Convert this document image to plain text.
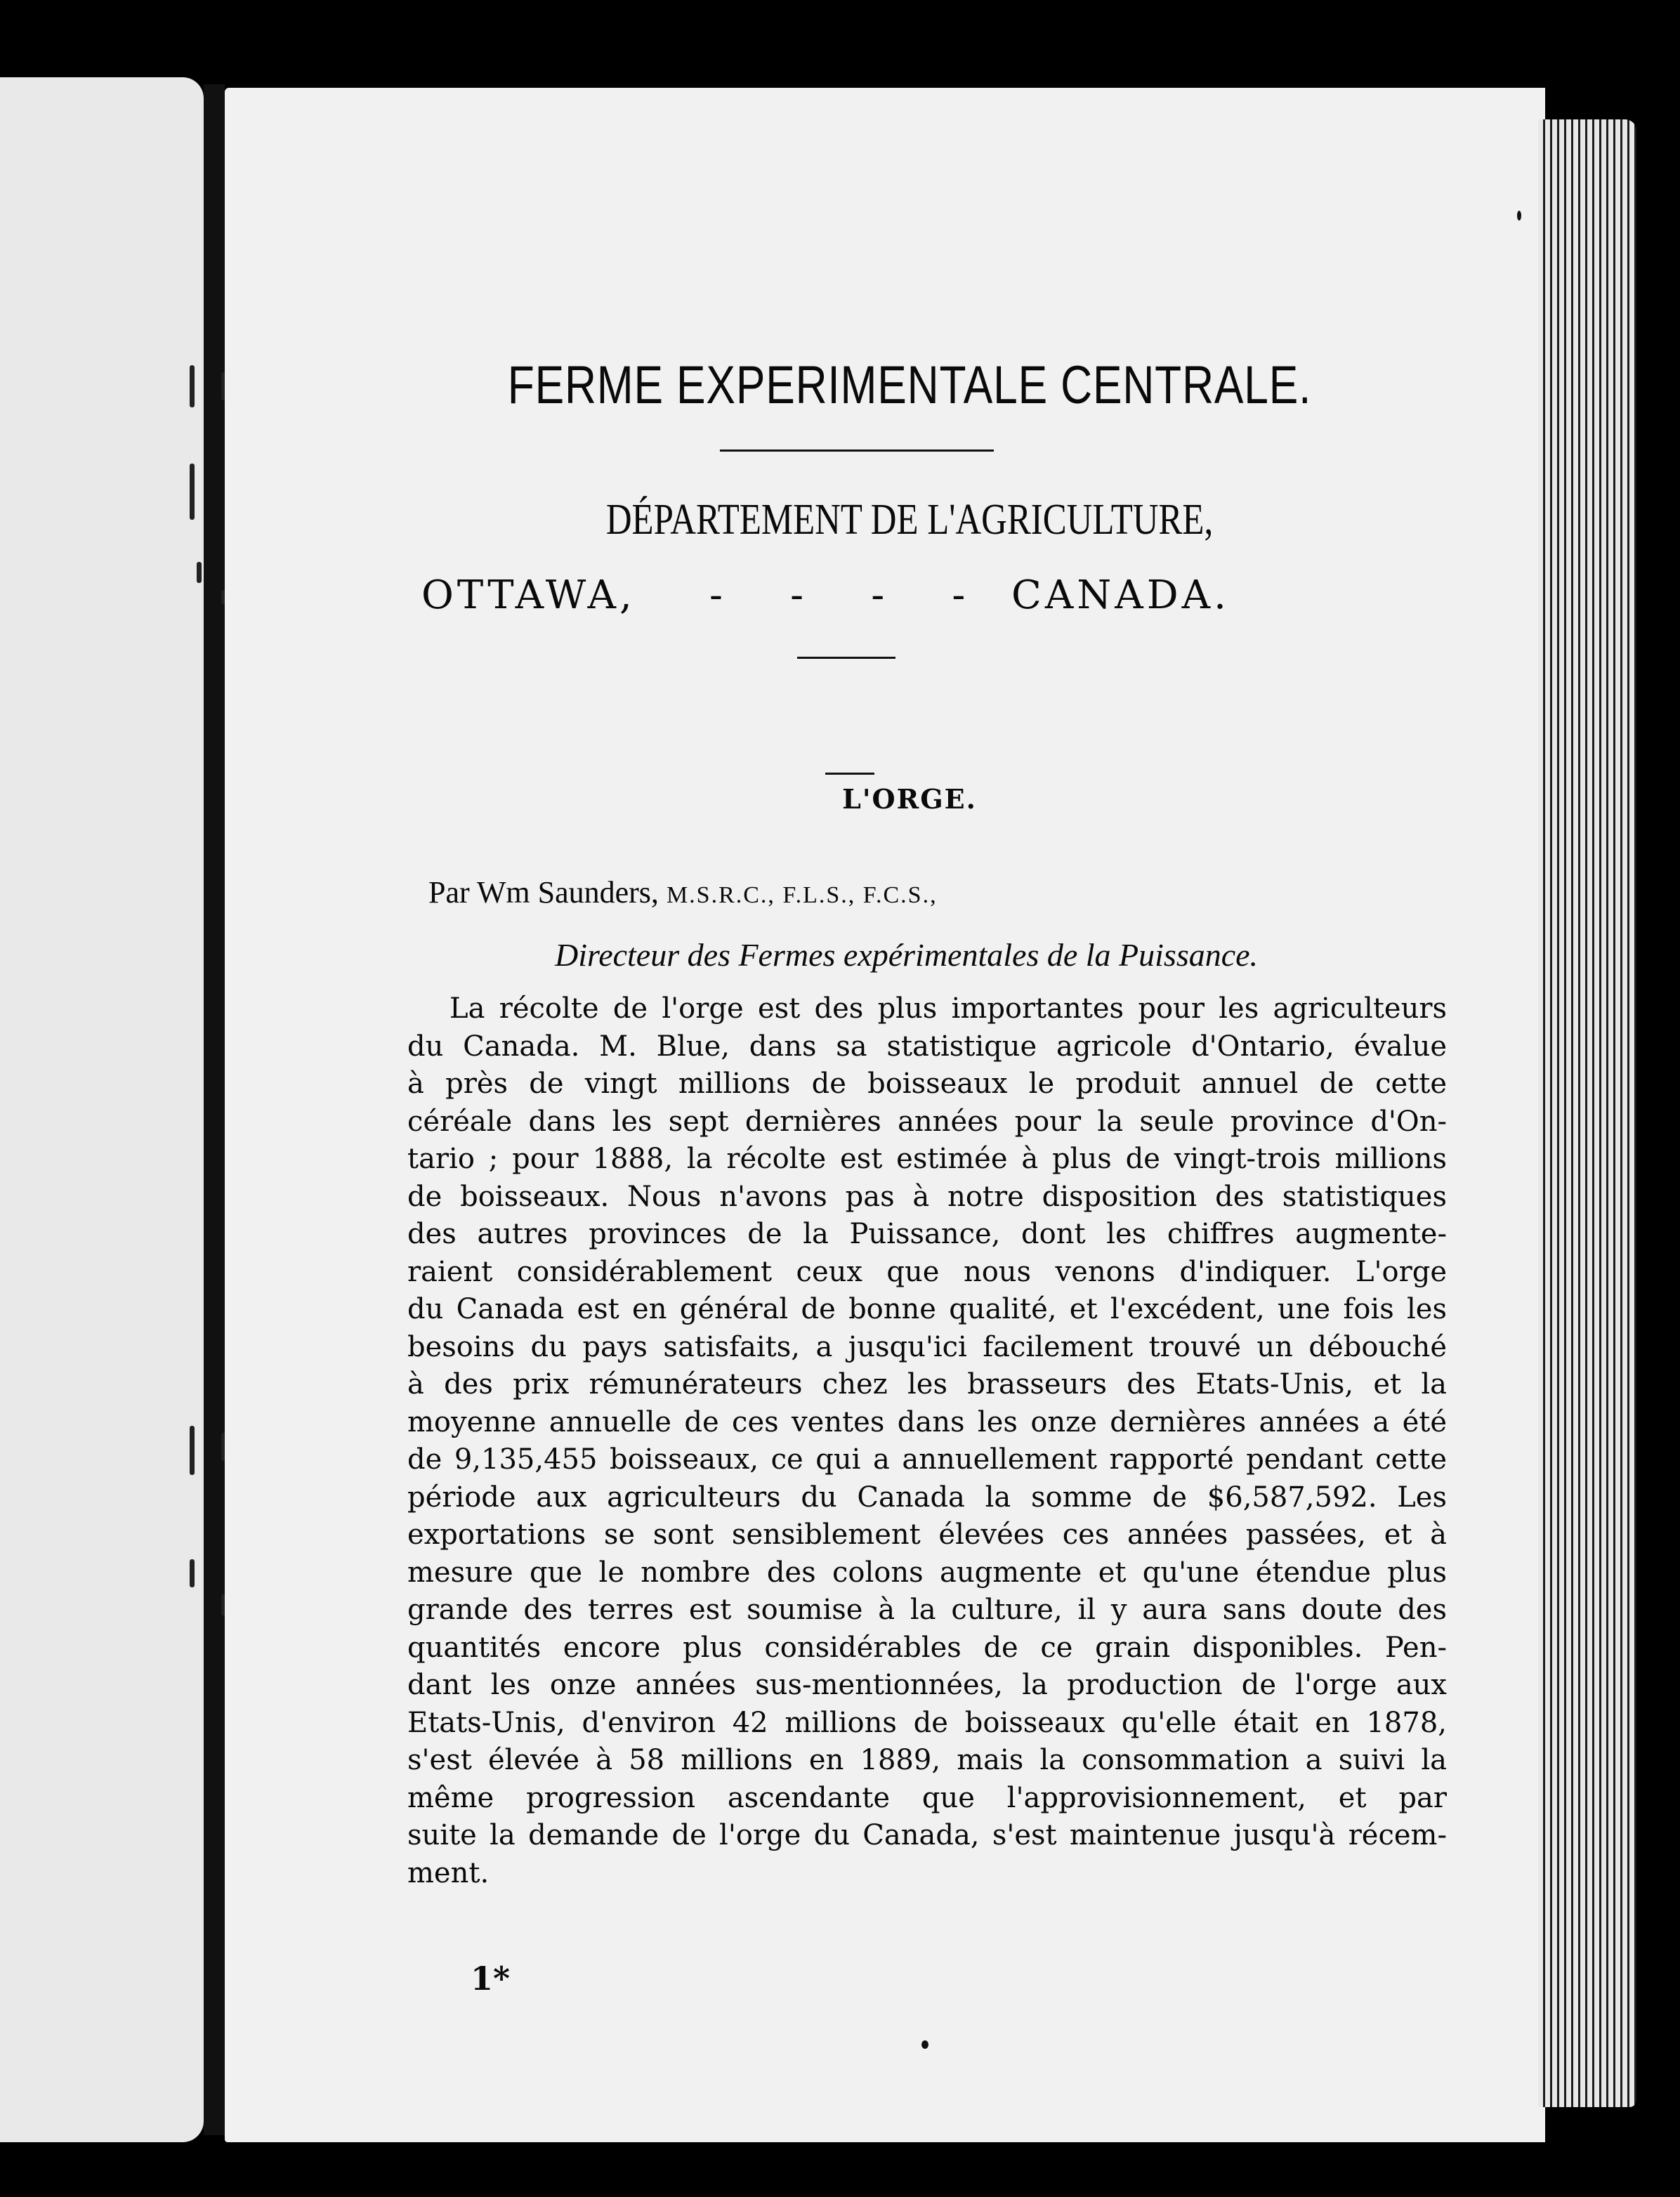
FERME EXPERIMENTALE CENTRALE.
DÉPARTEMENT DE L'AGRICULTURE,
OTTAWA, -    -    -    - CANADA.
L'ORGE.
Par Wm Saunders, M.S.R.C., F.L.S., F.C.S.,
Directeur des Fermes expérimentales de la Puissance.
La récolte de l'orge est des plus importantes pour les agriculteurs
du Canada. M. Blue, dans sa statistique agricole d'Ontario, évalue
à près de vingt millions de boisseaux le produit annuel de cette
céréale dans les sept dernières années pour la seule province d'On-
tario ; pour 1888, la récolte est estimée à plus de vingt-trois millions
de boisseaux. Nous n'avons pas à notre disposition des statistiques
des autres provinces de la Puissance, dont les chiffres augmente-
raient considérablement ceux que nous venons d'indiquer. L'orge
du Canada est en général de bonne qualité, et l'excédent, une fois les
besoins du pays satisfaits, a jusqu'ici facilement trouvé un débouché
à des prix rémunérateurs chez les brasseurs des Etats-Unis, et la
moyenne annuelle de ces ventes dans les onze dernières années a été
de 9,135,455 boisseaux, ce qui a annuellement rapporté pendant cette
période aux agriculteurs du Canada la somme de $6,587,592. Les
exportations se sont sensiblement élevées ces années passées, et à
mesure que le nombre des colons augmente et qu'une étendue plus
grande des terres est soumise à la culture, il y aura sans doute des
quantités encore plus considérables de ce grain disponibles. Pen-
dant les onze années sus-mentionnées, la production de l'orge aux
Etats-Unis, d'environ 42 millions de boisseaux qu'elle était en 1878,
s'est élevée à 58 millions en 1889, mais la consommation a suivi la
même progression ascendante que l'approvisionnement, et par
suite la demande de l'orge du Canada, s'est maintenue jusqu'à récem-
ment.
1*
